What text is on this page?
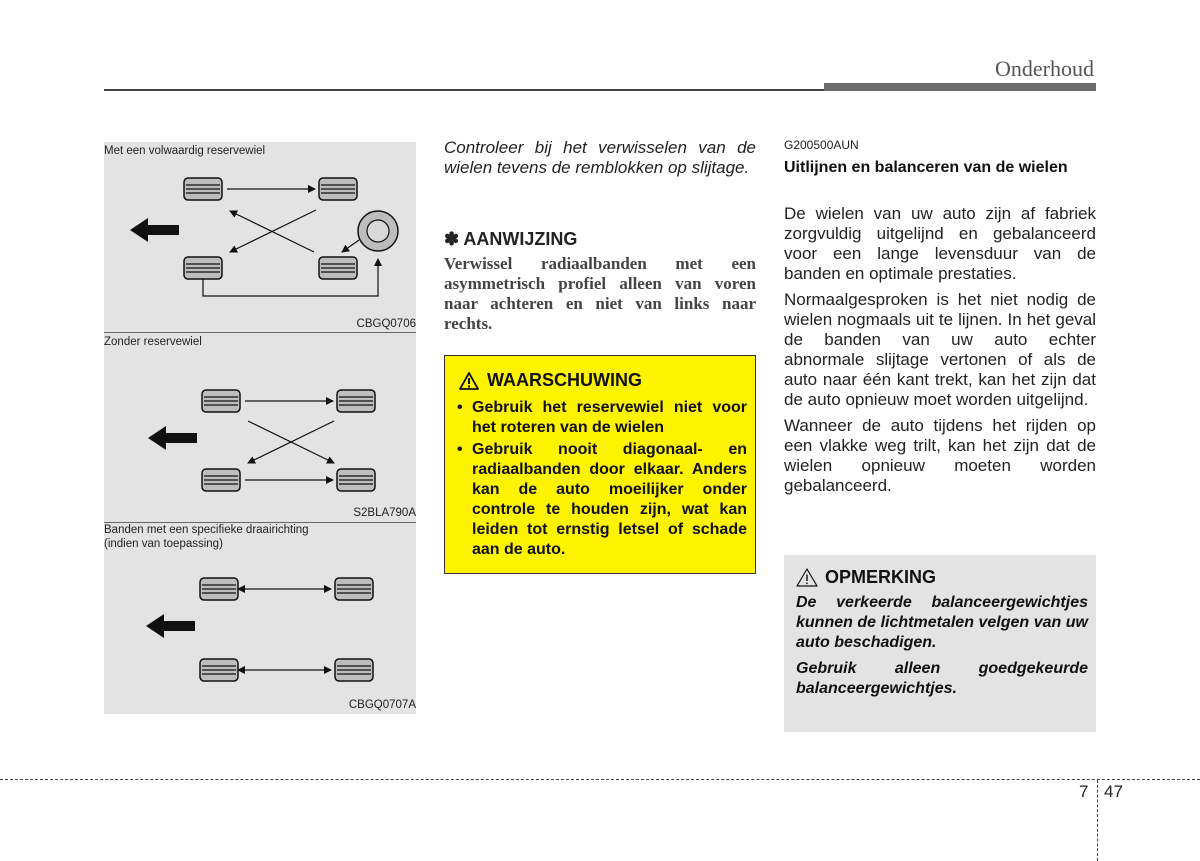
Onderhoud
Met een volwaardig reservewiel
CBGQ0706
Zonder reservewiel
S2BLA790A
Banden met een specifieke draairichting
(indien van toepassing)
CBGQ0707A
Controleer bij het verwisselen van de wielen tevens de remblokken op slijtage.
✽ AANWIJZING
Verwissel radiaalbanden met een asymmetrisch profiel alleen van voren naar achteren en niet van links naar rechts.
WAARSCHUWING
• Gebruik het reservewiel niet voor het roteren van de wielen
• Gebruik nooit diagonaal- en radiaalbanden door elkaar. Anders kan de auto moeilijker onder controle te houden zijn, wat kan leiden tot ernstig letsel of schade aan de auto.
G200500AUN
Uitlijnen en balanceren van de wielen

De wielen van uw auto zijn af fabriek zorgvuldig uitgelijnd en gebalanceerd voor een lange levensduur van de banden en optimale prestaties.

Normaalgesproken is het niet nodig de wielen nogmaals uit te lijnen. In het geval de banden van uw auto echter abnormale slijtage vertonen of als de auto naar één kant trekt, kan het zijn dat de auto opnieuw moet worden uitgelijnd.

Wanneer de auto tijdens het rijden op een vlakke weg trilt, kan het zijn dat de wielen opnieuw moeten worden gebalanceerd.

OPMERKING

De verkeerde balanceergewichtjes kunnen de lichtmetalen velgen van uw auto beschadigen.

Gebruik alleen goedgekeurde balanceergewichtjes.

7 47
